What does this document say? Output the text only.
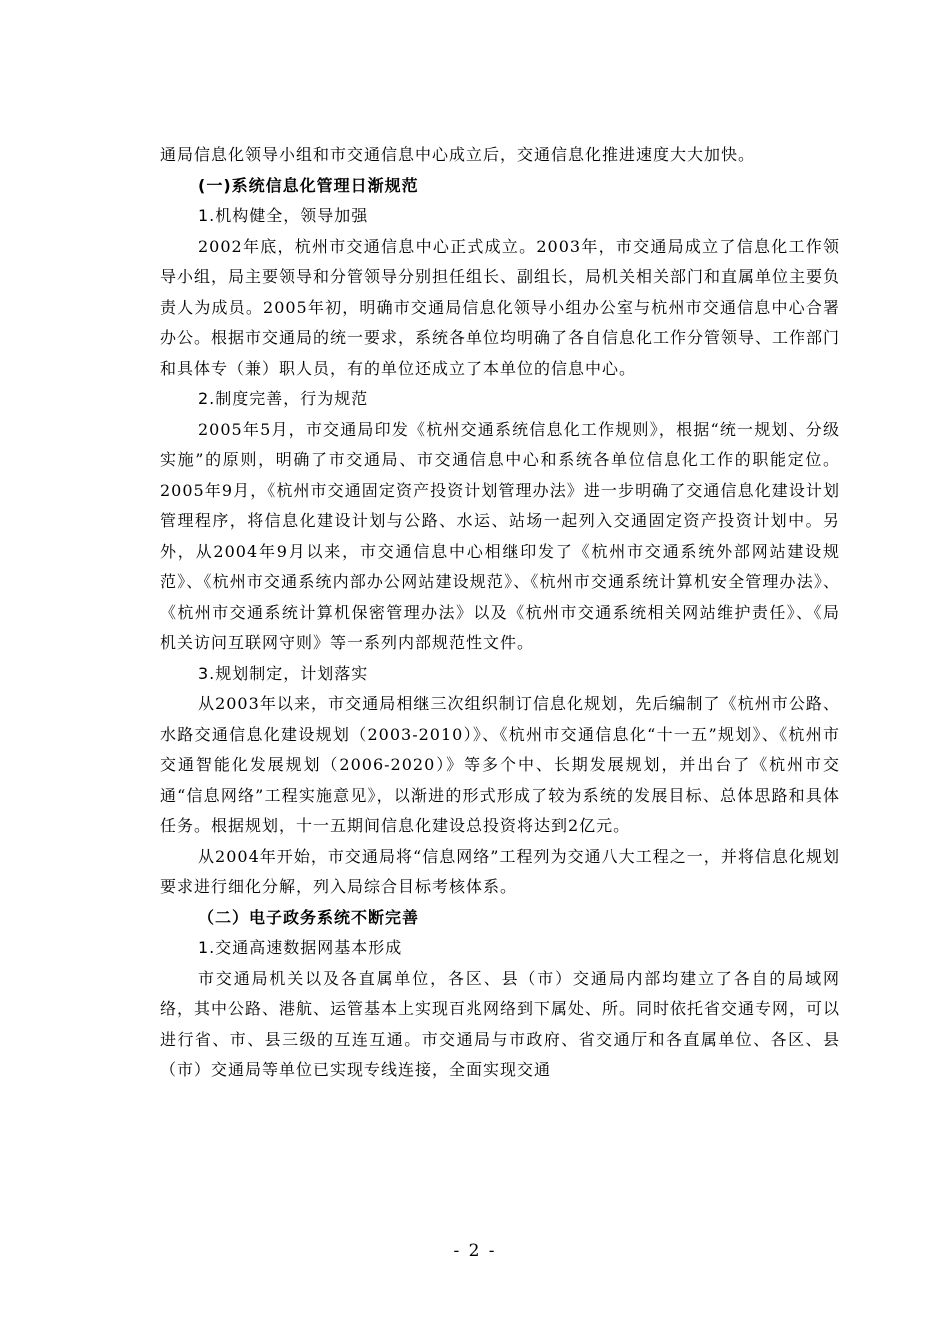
通局信息化领导小组和市交通信息中心成立后，交通信息化推进速度大大加快。

(一)系统信息化管理日渐规范

1.机构健全，领导加强

2002年底，杭州市交通信息中心正式成立。2003年，市交通局成立了信息化工作领导小组，局主要领导和分管领导分别担任组长、副组长，局机关相关部门和直属单位主要负责人为成员。2005年初，明确市交通局信息化领导小组办公室与杭州市交通信息中心合署办公。根据市交通局的统一要求，系统各单位均明确了各自信息化工作分管领导、工作部门和具体专（兼）职人员，有的单位还成立了本单位的信息中心。

2.制度完善，行为规范

2005年5月，市交通局印发《杭州交通系统信息化工作规则》，根据“统一规划、分级实施”的原则，明确了市交通局、市交通信息中心和系统各单位信息化工作的职能定位。2005年9月，《杭州市交通固定资产投资计划管理办法》进一步明确了交通信息化建设计划管理程序，将信息化建设计划与公路、水运、站场一起列入交通固定资产投资计划中。另外，从2004年9月以来，市交通信息中心相继印发了《杭州市交通系统外部网站建设规范》、《杭州市交通系统内部办公网站建设规范》、《杭州市交通系统计算机安全管理办法》、《杭州市交通系统计算机保密管理办法》以及《杭州市交通系统相关网站维护责任》、《局机关访问互联网守则》等一系列内部规范性文件。

3.规划制定，计划落实

从2003年以来，市交通局相继三次组织制订信息化规划，先后编制了《杭州市公路、水路交通信息化建设规划（2003-2010）》、《杭州市交通信息化“十一五”规划》、《杭州市交通智能化发展规划（2006-2020）》等多个中、长期发展规划，并出台了《杭州市交通“信息网络”工程实施意见》，以渐进的形式形成了较为系统的发展目标、总体思路和具体任务。根据规划，十一五期间信息化建设总投资将达到2亿元。

从2004年开始，市交通局将“信息网络”工程列为交通八大工程之一，并将信息化规划要求进行细化分解，列入局综合目标考核体系。

（二）电子政务系统不断完善

1.交通高速数据网基本形成

市交通局机关以及各直属单位，各区、县（市）交通局内部均建立了各自的局域网络，其中公路、港航、运管基本上实现百兆网络到下属处、所。同时依托省交通专网，可以进行省、市、县三级的互连互通。市交通局与市政府、省交通厅和各直属单位、各区、县（市）交通局等单位已实现专线连接，全面实现交通

- 2 -
